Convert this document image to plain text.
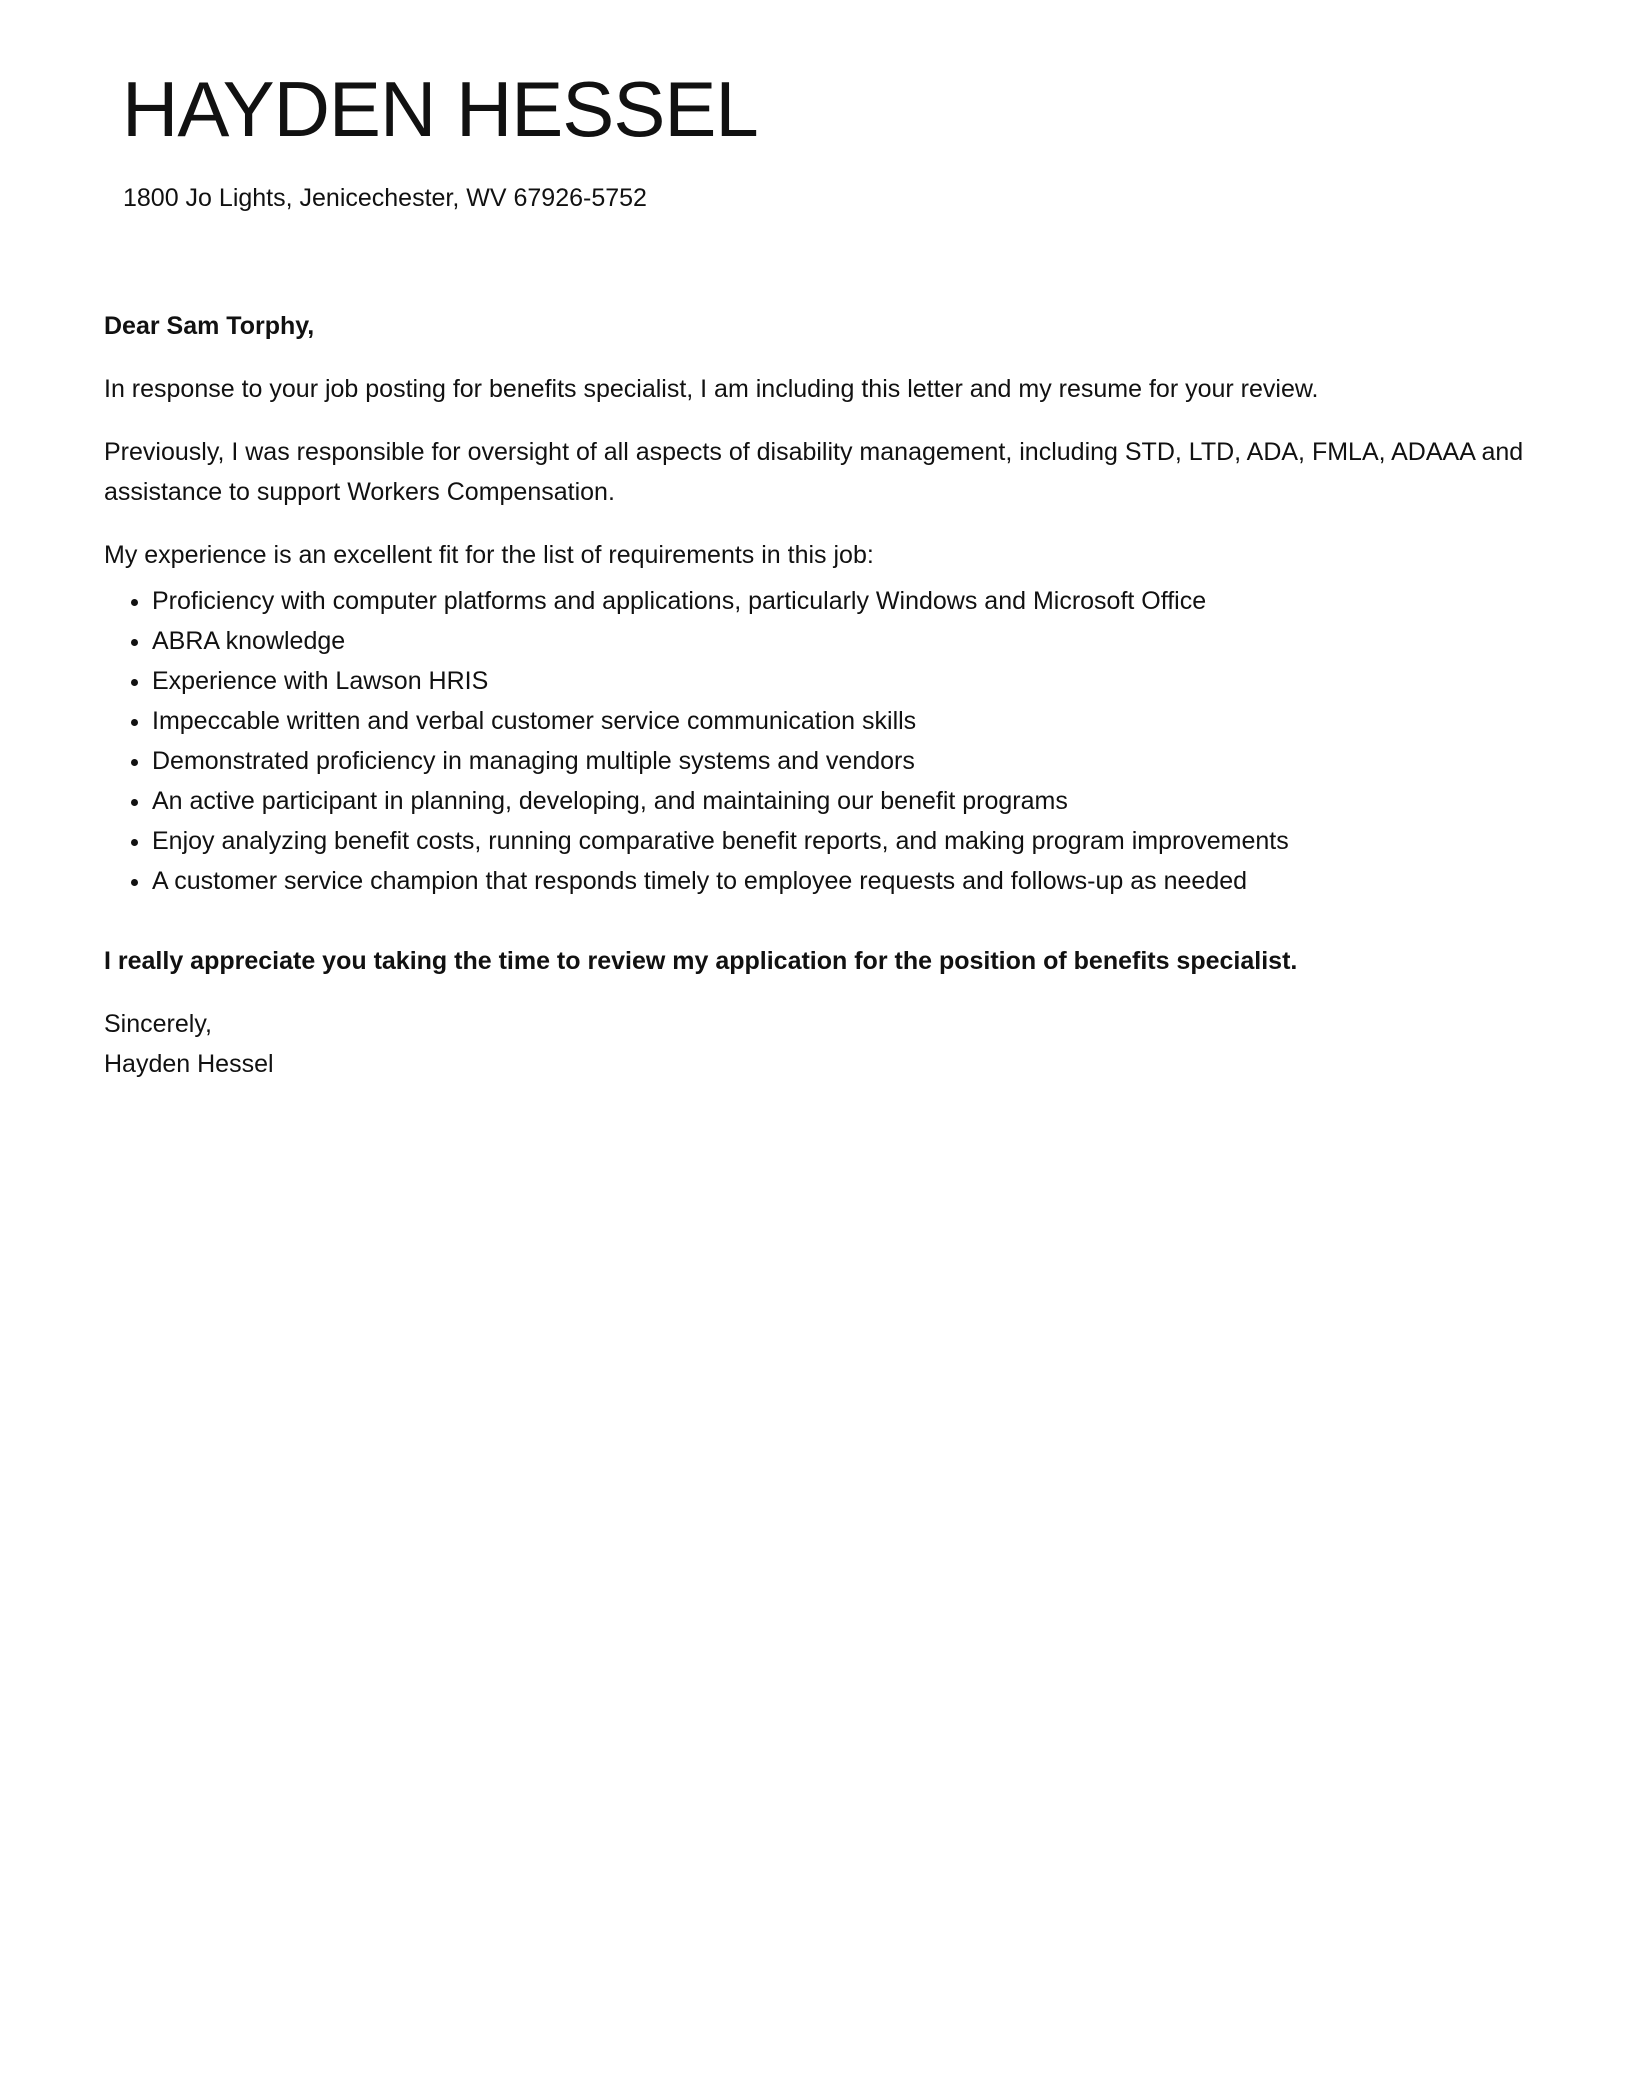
HAYDEN HESSEL
1800 Jo Lights, Jenicechester, WV 67926-5752

Dear Sam Torphy,

In response to your job posting for benefits specialist, I am including this letter and my resume for your review.

Previously, I was responsible for oversight of all aspects of disability management, including STD, LTD, ADA, FMLA, ADAAA and assistance to support Workers Compensation.

My experience is an excellent fit for the list of requirements in this job:

• Proficiency with computer platforms and applications, particularly Windows and Microsoft Office
• ABRA knowledge
• Experience with Lawson HRIS
• Impeccable written and verbal customer service communication skills
• Demonstrated proficiency in managing multiple systems and vendors
• An active participant in planning, developing, and maintaining our benefit programs
• Enjoy analyzing benefit costs, running comparative benefit reports, and making program improvements
• A customer service champion that responds timely to employee requests and follows-up as needed

I really appreciate you taking the time to review my application for the position of benefits specialist.

Sincerely,
Hayden Hessel
